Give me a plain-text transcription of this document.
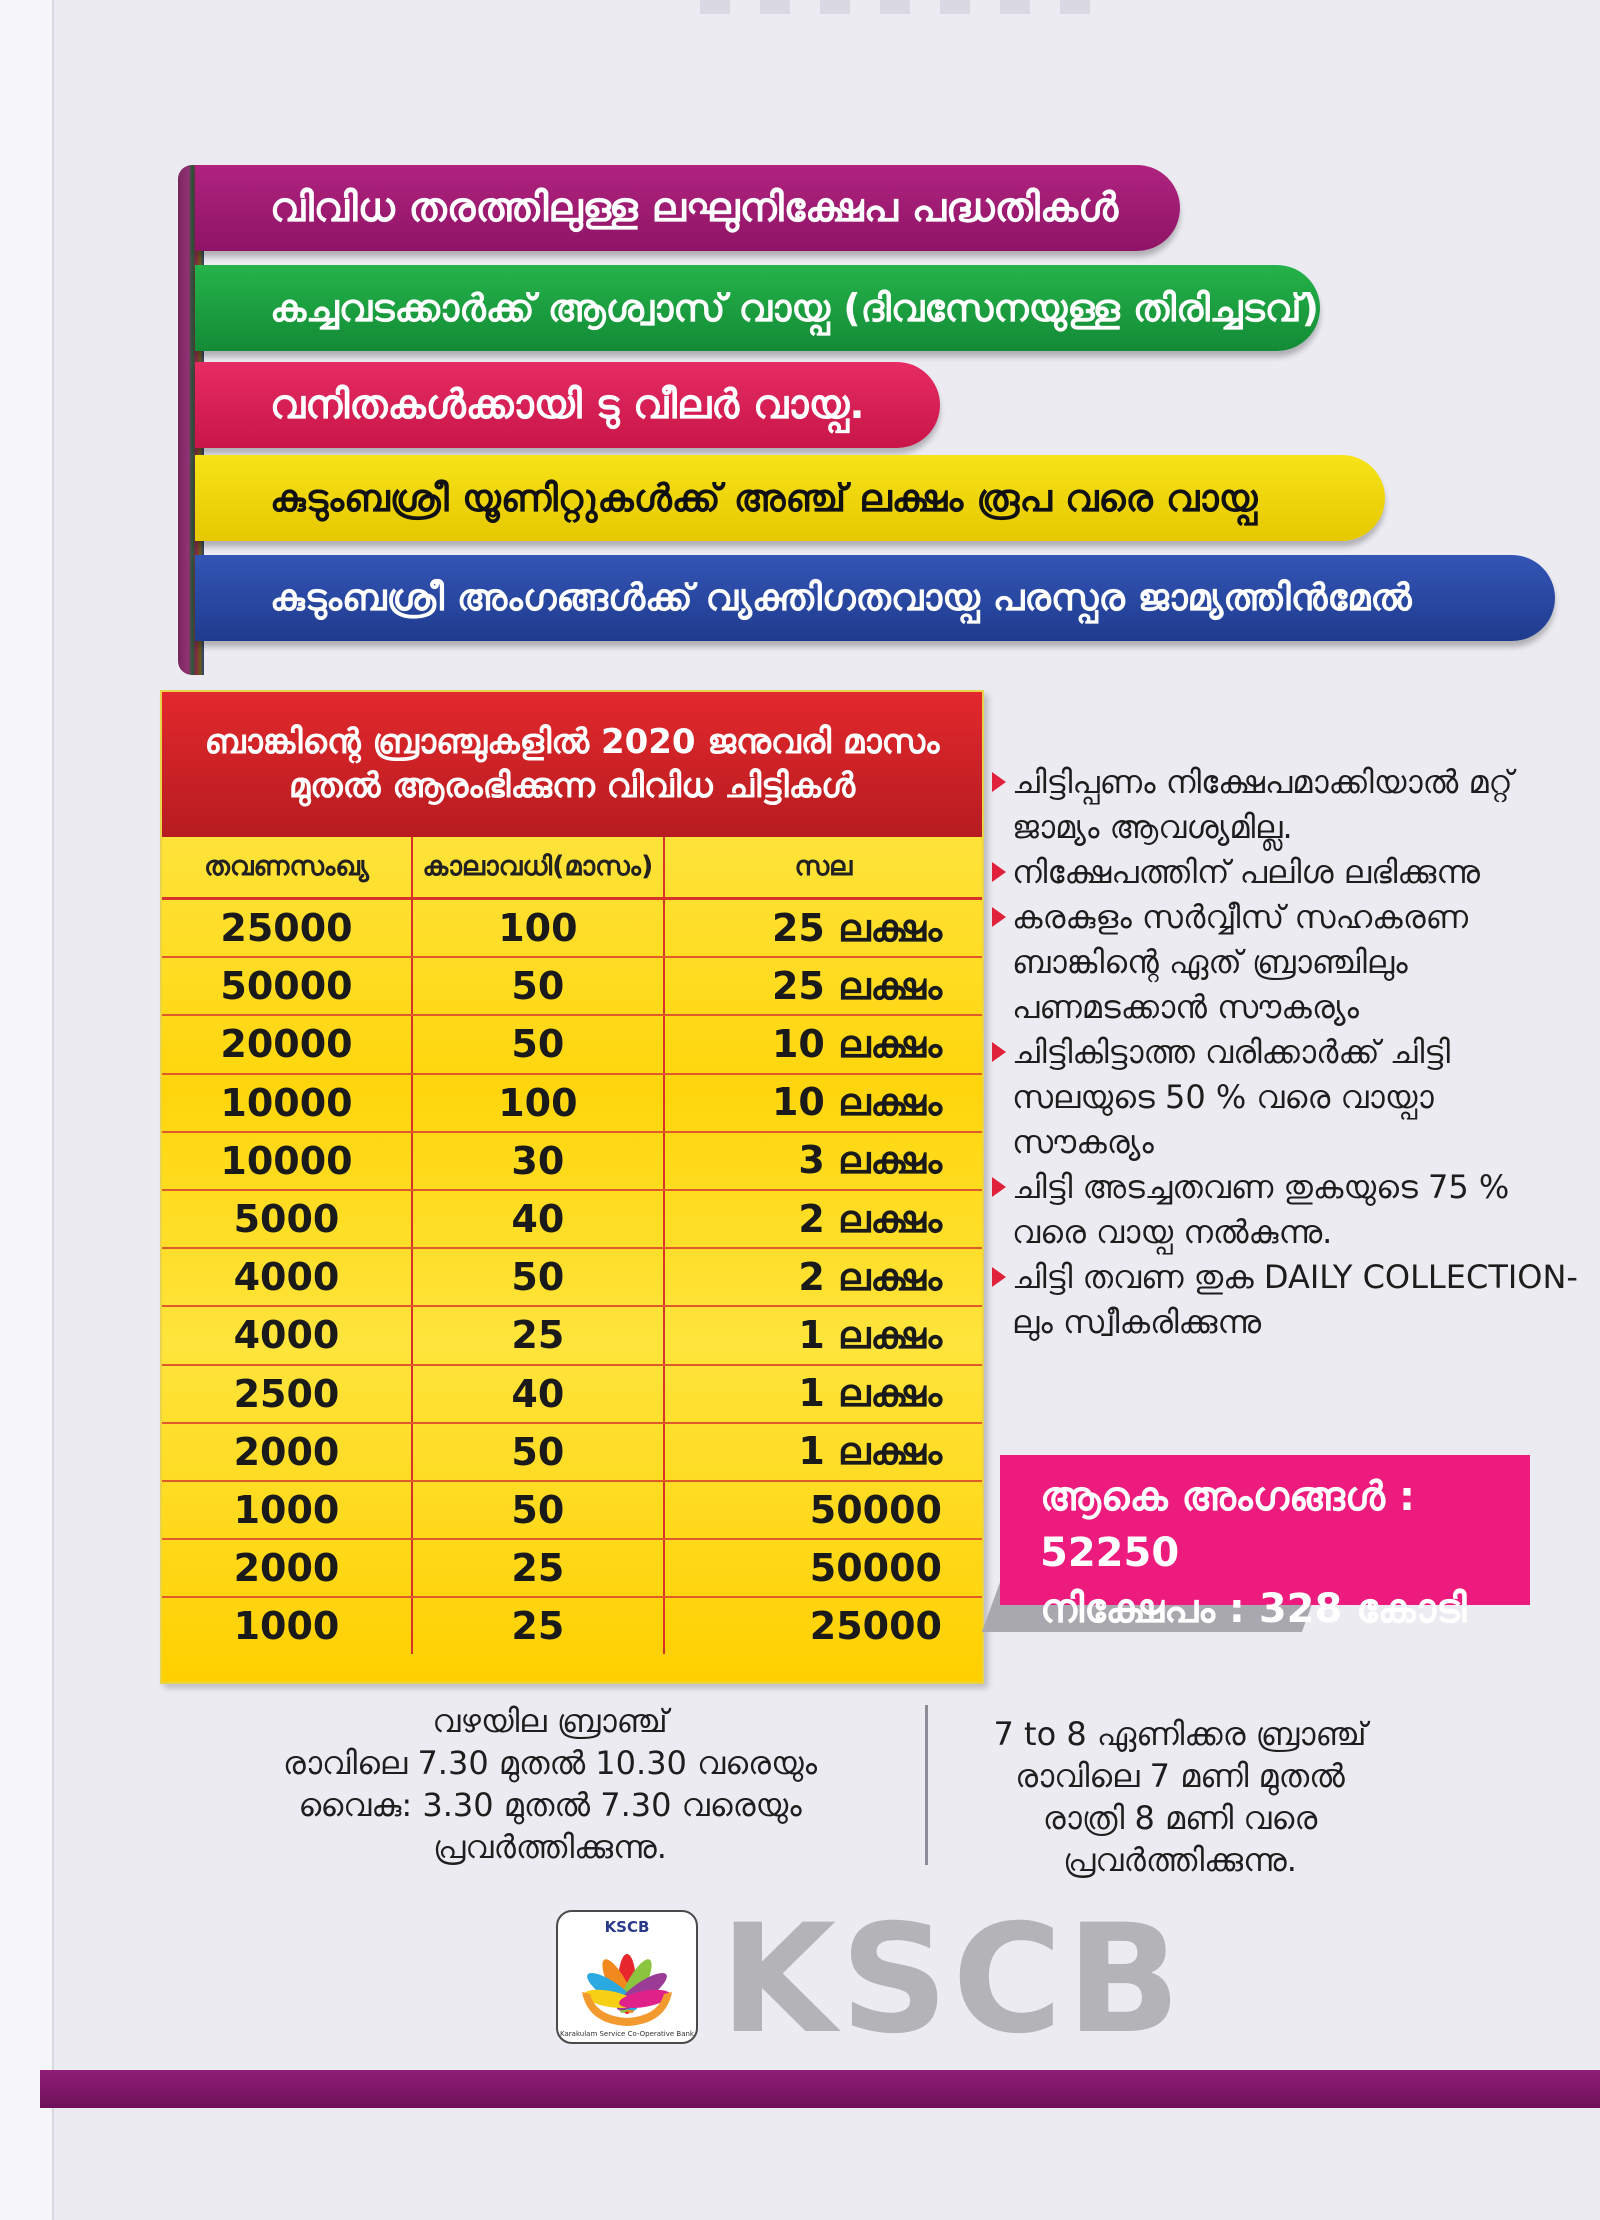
വിവിധ തരത്തിലുള്ള ലഘുനിക്ഷേപ പദ്ധതികൾ
കച്ചവടക്കാർക്ക് ആശ്വാസ് വായ്പ (ദിവസേനയുള്ള തിരിച്ചടവ്)
വനിതകൾക്കായി ടു വീലർ വായ്പ.
കുടുംബശ്രീ യൂണിറ്റുകൾക്ക് അഞ്ച് ലക്ഷം രൂപ വരെ വായ്പ
കുടുംബശ്രീ അംഗങ്ങൾക്ക് വ്യക്തിഗതവായ്പ പരസ്പര ജാമ്യത്തിൻമേൽ
ബാങ്കിന്റെ ബ്രാഞ്ചുകളിൽ 2020 ജനുവരി മാസം
മുതൽ ആരംഭിക്കുന്ന വിവിധ ചിട്ടികൾ
തവണസംഖ്യ	കാലാവധി(മാസം)	സല
25000	100	25 ലക്ഷം
50000	50	25 ലക്ഷം
20000	50	10 ലക്ഷം
10000	100	10 ലക്ഷം
10000	30	3 ലക്ഷം
5000	40	2 ലക്ഷം
4000	50	2 ലക്ഷം
4000	25	1 ലക്ഷം
2500	40	1 ലക്ഷം
2000	50	1 ലക്ഷം
1000	50	50000
2000	25	50000
1000	25	25000
ചിട്ടിപ്പണം നിക്ഷേപമാക്കിയാൽ മറ്റ് ജാമ്യം ആവശ്യമില്ല.
നിക്ഷേപത്തിന് പലിശ ലഭിക്കുന്നു
കരകുളം സർവ്വീസ് സഹകരണ ബാങ്കിന്റെ ഏത് ബ്രാഞ്ചിലും പണമടക്കാൻ സൗകര്യം
ചിട്ടികിട്ടാത്ത വരിക്കാർക്ക് ചിട്ടി സലയുടെ 50 % വരെ വായ്പാ സൗകര്യം
ചിട്ടി അടച്ചതവണ തുകയുടെ 75 % വരെ വായ്പ നൽകുന്നു.
ചിട്ടി തവണ തുക DAILY COLLECTION-ലും സ്വീകരിക്കുന്നു
ആകെ അംഗങ്ങൾ : 52250
നിക്ഷേപം : 328 കോടി
വഴയില ബ്രാഞ്ച്
രാവിലെ 7.30 മുതൽ 10.30 വരെയും
വൈകു: 3.30 മുതൽ 7.30 വരെയും
പ്രവർത്തിക്കുന്നു.
7 to 8 ഏണിക്കര ബ്രാഞ്ച്
രാവിലെ 7 മണി മുതൽ
രാത്രി 8 മണി വരെ
പ്രവർത്തിക്കുന്നു.
KSCB
Karakulam Service Co-Operative Bank KSCB
